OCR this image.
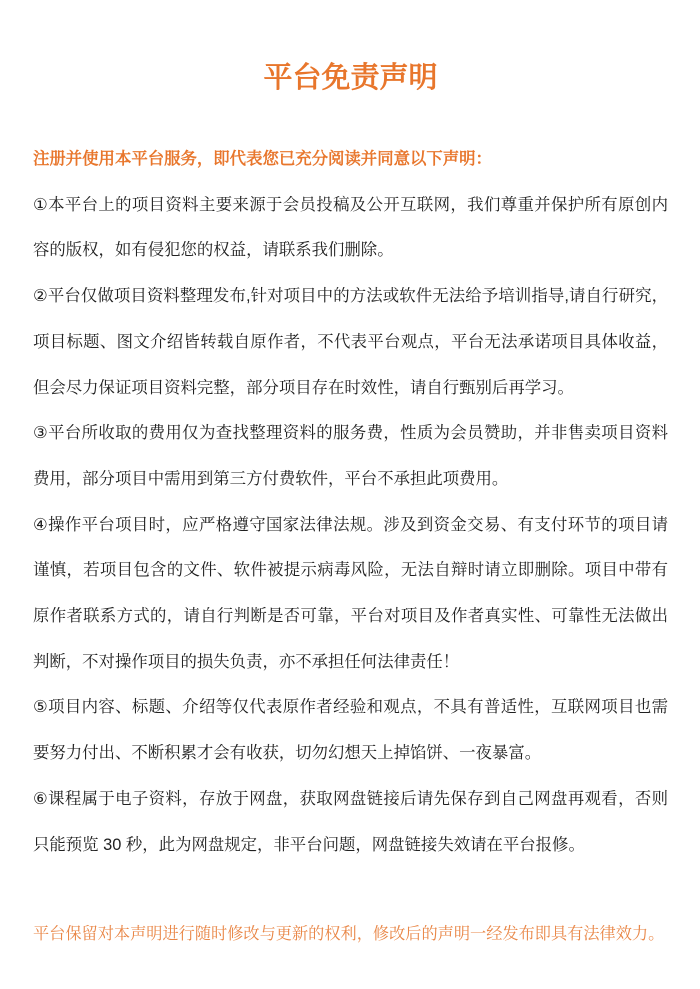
平台免责声明

注册并使用本平台服务，即代表您已充分阅读并同意以下声明：

①本平台上的项目资料主要来源于会员投稿及公开互联网，我们尊重并保护所有原创内容的版权，如有侵犯您的权益，请联系我们删除。

②平台仅做项目资料整理发布,针对项目中的方法或软件无法给予培训指导,请自行研究，项目标题、图文介绍皆转载自原作者，不代表平台观点，平台无法承诺项目具体收益，但会尽力保证项目资料完整，部分项目存在时效性，请自行甄别后再学习。

③平台所收取的费用仅为查找整理资料的服务费，性质为会员赞助，并非售卖项目资料费用，部分项目中需用到第三方付费软件，平台不承担此项费用。

④操作平台项目时，应严格遵守国家法律法规。涉及到资金交易、有支付环节的项目请谨慎，若项目包含的文件、软件被提示病毒风险，无法自辩时请立即删除。项目中带有原作者联系方式的，请自行判断是否可靠，平台对项目及作者真实性、可靠性无法做出判断，不对操作项目的损失负责，亦不承担任何法律责任！

⑤项目内容、标题、介绍等仅代表原作者经验和观点，不具有普适性，互联网项目也需要努力付出、不断积累才会有收获，切勿幻想天上掉馅饼、一夜暴富。

⑥课程属于电子资料，存放于网盘，获取网盘链接后请先保存到自己网盘再观看，否则只能预览 30 秒，此为网盘规定，非平台问题，网盘链接失效请在平台报修。

平台保留对本声明进行随时修改与更新的权利，修改后的声明一经发布即具有法律效力。
